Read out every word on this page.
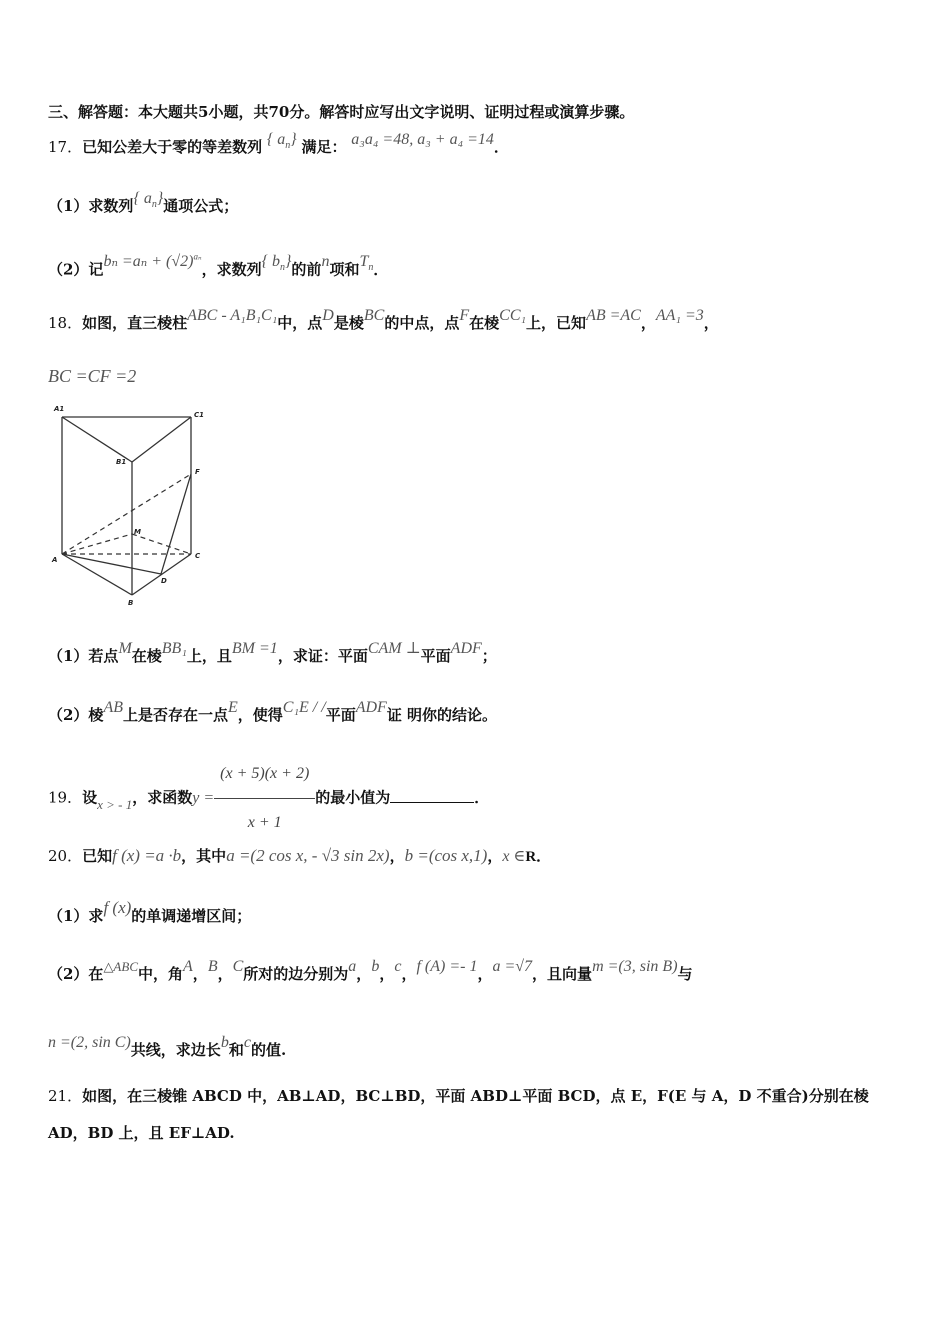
三、解答题：本大题共5小题，共70分。解答时应写出文字说明、证明过程或演算步骤。
17．已知公差大于零的等差数列 { $a_n$} 满足： a₃a₄ =48, a₃ + a₄ =14．
（1）求数列{ $a_n$}通项公式；
（2）记$b_n =a_n + (√2)^{a_n}$，求数列{ $b_n$}的前n项和$T_n$．
18．如图，直三棱柱ABC - A₁B₁C₁中，点D是棱BC的中点，点F在棱CC₁上，已知AB =AC，AA₁ =3，
BC =CF =2
A1
C1
B1
F
M
A	C
D
B
（1）若点M在棱BB₁上，且BM =1，求证：平面CAM ⊥平面ADF；
（2）棱AB上是否存在一点E，使得C₁E / /平面ADF证 明你的结论。
19．设x > - 1，求函数$y = \frac{(x + 5)(x + 2)}{x + 1}$ 的最小值为	．
20．已知f (x) =a ·b，其中a =(2 cos x, - √3 sin 2x)，b =(cos x,1)，x ∈R．
（1）求f (x)的单调递增区间；
（2）在△ABC中，角A，B，C所对的边分别为a，b，c，f (A) =- 1，a =√7，且向量m =(3, sin B)与
n =(2, sin C)共线，求边长b和c的值.
21．如图，在三棱锥 ABCD 中，AB⊥AD，BC⊥BD，平面 ABD⊥平面 BCD，点 E，F(E 与 A，D 不重合)分别在棱
AD，BD 上，且 EF⊥AD.
